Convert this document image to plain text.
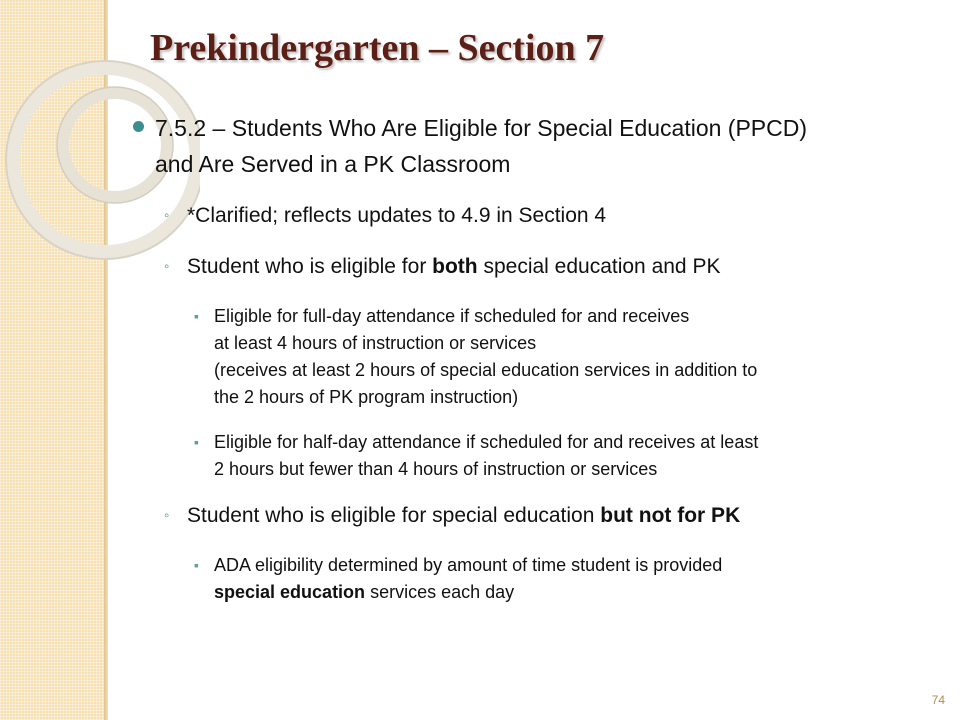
Prekindergarten – Section 7
7.5.2 – Students Who Are Eligible for Special Education (PPCD)
and Are Served in a PK Classroom
◦ *Clarified; reflects updates to 4.9 in Section 4
◦ Student who is eligible for both special education and PK
▪ Eligible for full-day attendance if scheduled for and receives
at least 4 hours of instruction or services
(receives at least 2 hours of special education services in addition to
the 2 hours of PK program instruction)
▪ Eligible for half-day attendance if scheduled for and receives at least
2 hours but fewer than 4 hours of instruction or services
◦ Student who is eligible for special education but not for PK
▪ ADA eligibility determined by amount of time student is provided
special education services each day
74
